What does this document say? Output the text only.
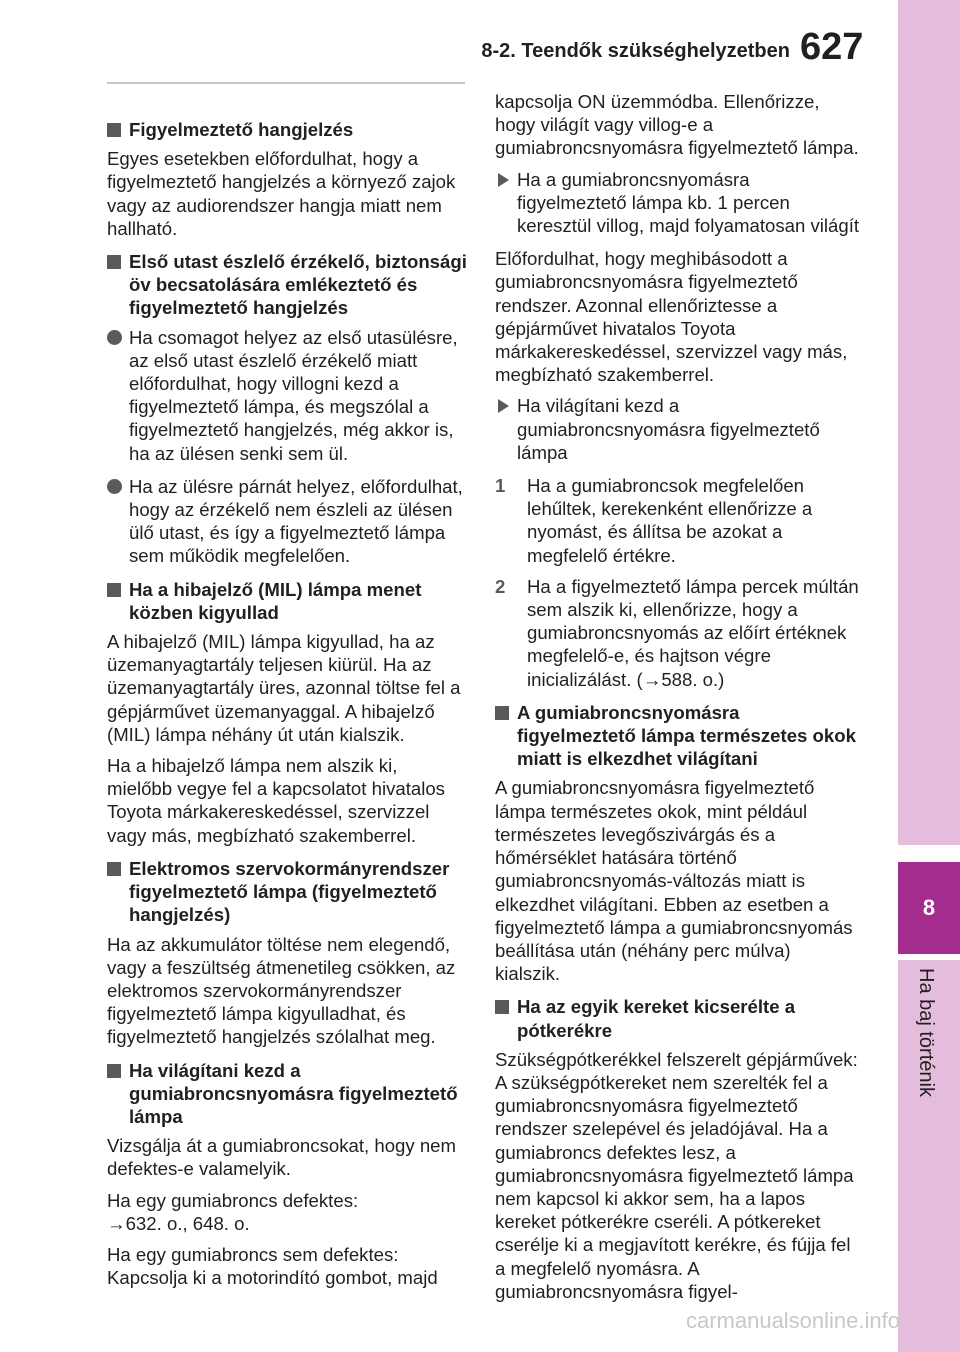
8-2. Teendők szükséghelyzetben 627
8
Ha baj történik
Figyelmeztető hangjelzés

Egyes esetekben előfordulhat, hogy a figyelmeztető hangjelzés a környező zajok vagy az audiorendszer hangja miatt nem hallható.

Első utast észlelő érzékelő, biztonsági öv becsatolására emlékeztető és figyelmeztető hangjelzés
Ha csomagot helyez az első utasülésre, az első utast észlelő érzékelő miatt előfordulhat, hogy villogni kezd a figyelmeztető lámpa, és megszólal a figyelmeztető hangjelzés, még akkor is, ha az ülésen senki sem ül.
Ha az ülésre párnát helyez, előfordulhat, hogy az érzékelő nem észleli az ülésen ülő utast, és így a figyelmeztető lámpa sem működik megfelelően.
Ha a hibajelző (MIL) lámpa menet közben kigyullad

A hibajelző (MIL) lámpa kigyullad, ha az üzemanyagtartály teljesen kiürül. Ha az üzemanyagtartály üres, azonnal töltse fel a gépjárművet üzemanyaggal. A hibajelző (MIL) lámpa néhány út után kialszik.

Ha a hibajelző lámpa nem alszik ki, mielőbb vegye fel a kapcsolatot hivatalos Toyota márkakereskedéssel, szervizzel vagy más, megbízható szakemberrel.

Elektromos szervokormányrendszer figyelmeztető lámpa (figyelmeztető hangjelzés)

Ha az akkumulátor töltése nem elegendő, vagy a feszültség átmenetileg csökken, az elektromos szervokormányrendszer figyelmeztető lámpa kigyulladhat, és figyelmeztető hangjelzés szólalhat meg.

Ha világítani kezd a gumiabroncsnyomásra figyelmeztető lámpa

Vizsgálja át a gumiabroncsokat, hogy nem defektes-e valamelyik.

Ha egy gumiabroncs defektes:

→632. o., 648. o.

Ha egy gumiabroncs sem defektes:

Kapcsolja ki a motorindító gombot, majd

kapcsolja ON üzemmódba. Ellenőrizze, hogy világít vagy villog-e a gumiabroncsnyomásra figyelmeztető lámpa.

Ha a gumiabroncsnyomásra figyelmeztető lámpa kb. 1 percen keresztül villog, majd folyamatosan világít

Előfordulhat, hogy meghibásodott a gumiabroncsnyomásra figyelmeztető rendszer. Azonnal ellenőriztesse a gépjárművet hivatalos Toyota márkakereskedéssel, szervizzel vagy más, megbízható szakemberrel.

Ha világítani kezd a gumiabroncsnyomásra figyelmeztető lámpa
1 Ha a gumiabroncsok megfelelően lehűltek, kerekenként ellenőrizze a nyomást, és állítsa be azokat a megfelelő értékre.
2 Ha a figyelmeztető lámpa percek múltán sem alszik ki, ellenőrizze, hogy a gumiabroncsnyomás az előírt értéknek megfelelő-e, és hajtson végre inicializálást. (→588. o.)
A gumiabroncsnyomásra figyelmeztető lámpa természetes okok miatt is elkezdhet világítani

A gumiabroncsnyomásra figyelmeztető lámpa természetes okok, mint például természetes levegőszivárgás és a hőmérséklet hatására történő gumiabroncsnyomás-változás miatt is elkezdhet világítani. Ebben az esetben a figyelmeztető lámpa a gumiabroncsnyomás beállítása után (néhány perc múlva) kialszik.

Ha az egyik kereket kicserélte a pótkerékre

Szükségpótkerékkel felszerelt gépjárművek: A szükségpótkereket nem szerelték fel a gumiabroncsnyomásra figyelmeztető rendszer szelepével és jeladójával. Ha a gumiabroncs defektes lesz, a gumiabroncsnyomásra figyelmeztető lámpa nem kapcsol ki akkor sem, ha a lapos kereket pótkerékre cseréli. A pótkereket cserélje ki a megjavított kerékre, és fújja fel a megfelelő nyomásra. A gumiabroncsnyomásra figyel-

carmanualsonline.info
